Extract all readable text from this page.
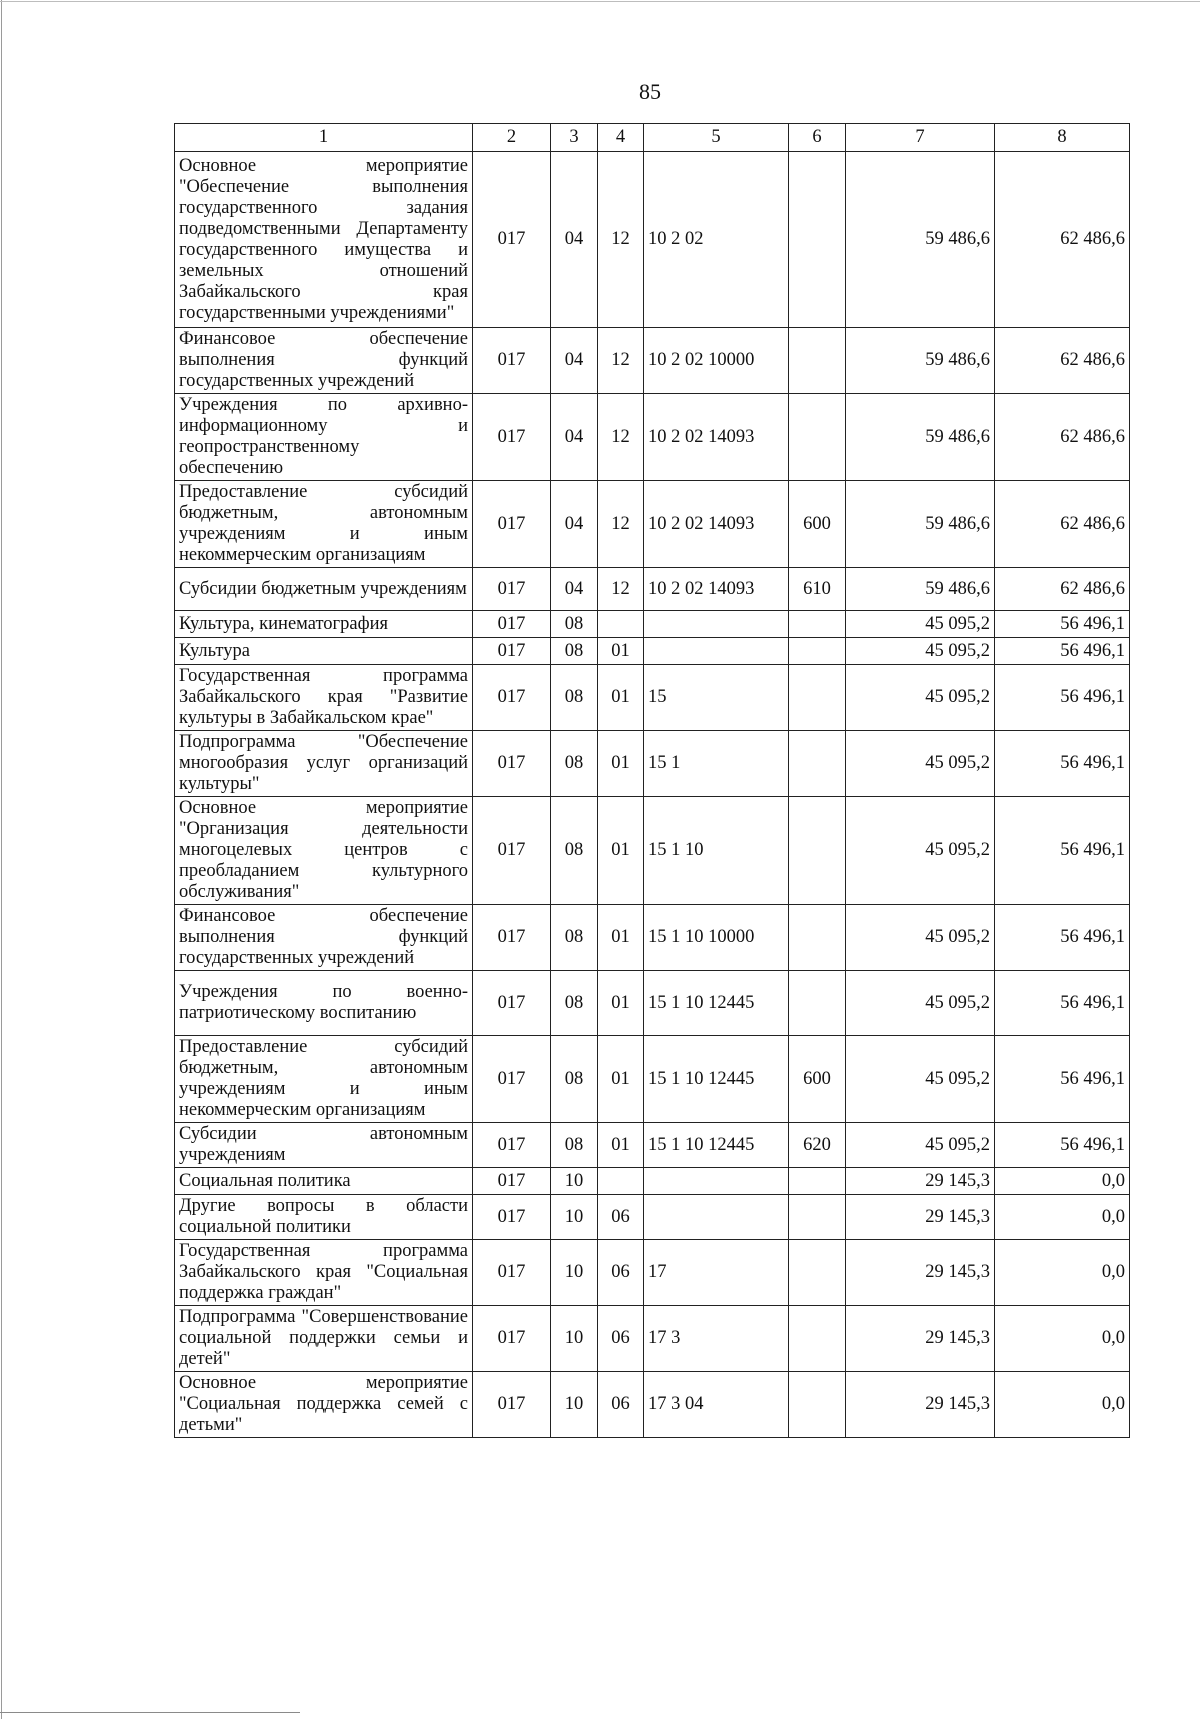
85
1	2	3	4	5	6	7	8
Основное мероприятие "Обеспечение выполнения государственного задания подведомственными Департаменту государственного имущества и земельных отношений Забайкальского края государственными учреждениями"	017	04	12	10 2 02		59 486,6	62 486,6
Финансовое обеспечение выполнения функций государственных учреждений	017	04	12	10 2 02 10000		59 486,6	62 486,6
Учреждения по архивно-информационному и геопространственному обеспечению	017	04	12	10 2 02 14093		59 486,6	62 486,6
Предоставление субсидий бюджетным, автономным учреждениям и иным некоммерческим организациям	017	04	12	10 2 02 14093	600	59 486,6	62 486,6
Субсидии бюджетным учреждениям	017	04	12	10 2 02 14093	610	59 486,6	62 486,6
Культура, кинематография	017	08				45 095,2	56 496,1
Культура	017	08	01			45 095,2	56 496,1
Государственная программа Забайкальского края "Развитие культуры в Забайкальском крае"	017	08	01	15		45 095,2	56 496,1
Подпрограмма "Обеспечение многообразия услуг организаций культуры"	017	08	01	15 1		45 095,2	56 496,1
Основное мероприятие "Организация деятельности многоцелевых центров с преобладанием культурного обслуживания"	017	08	01	15 1 10		45 095,2	56 496,1
Финансовое обеспечение выполнения функций государственных учреждений	017	08	01	15 1 10 10000		45 095,2	56 496,1
Учреждения по военно-патриотическому воспитанию	017	08	01	15 1 10 12445		45 095,2	56 496,1
Предоставление субсидий бюджетным, автономным учреждениям и иным некоммерческим организациям	017	08	01	15 1 10 12445	600	45 095,2	56 496,1
Субсидии автономным учреждениям	017	08	01	15 1 10 12445	620	45 095,2	56 496,1
Социальная политика	017	10				29 145,3	0,0
Другие вопросы в области социальной политики	017	10	06			29 145,3	0,0
Государственная программа Забайкальского края "Социальная поддержка граждан"	017	10	06	17		29 145,3	0,0
Подпрограмма "Совершенствование социальной поддержки семьи и детей"	017	10	06	17 3		29 145,3	0,0
Основное мероприятие "Социальная поддержка семей с детьми"	017	10	06	17 3 04		29 145,3	0,0
